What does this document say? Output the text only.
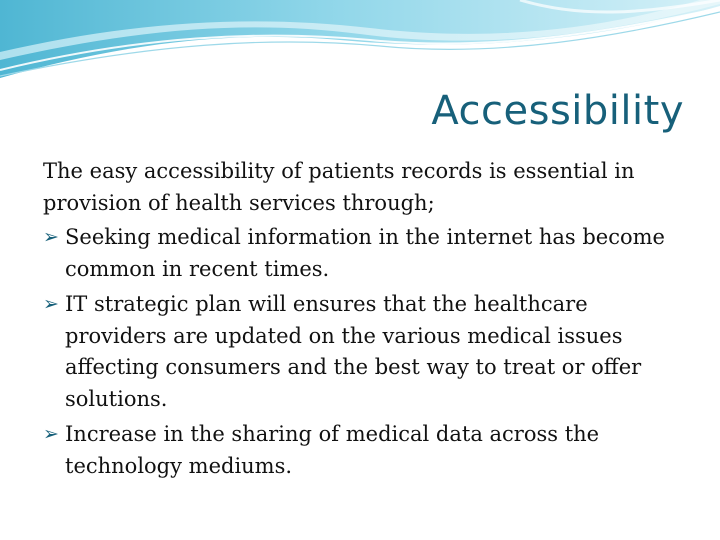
Accessibility

The easy accessibility of patients records is essential in provision of health services through;

➢ Seeking medical information in the internet has become common in recent times.
➢ IT strategic plan will ensures that the healthcare providers are updated on the various medical issues affecting consumers and the best way to treat or offer solutions.
➢ Increase in the sharing of medical data across the technology mediums.
